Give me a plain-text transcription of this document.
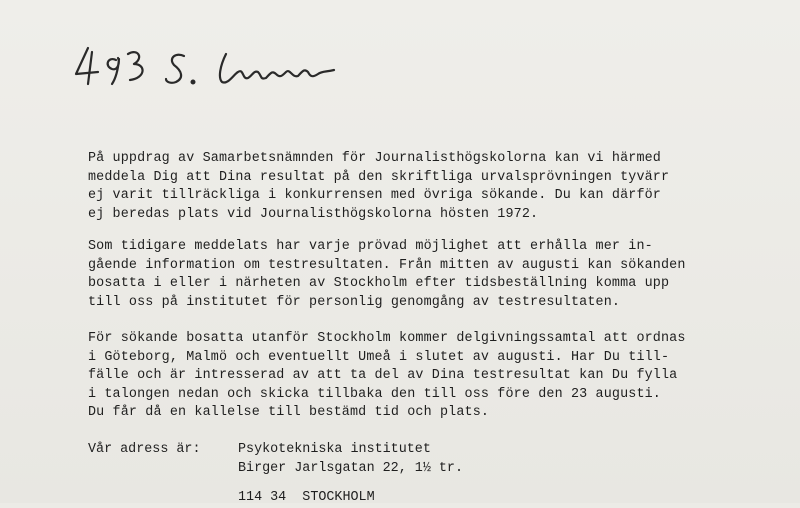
På uppdrag av Samarbetsnämnden för Journalisthögskolorna kan vi härmed
meddela Dig att Dina resultat på den skriftliga urvalsprövningen tyvärr
ej varit tillräckliga i konkurrensen med övriga sökande. Du kan därför
ej beredas plats vid Journalisthögskolorna hösten 1972.
Som tidigare meddelats har varje prövad möjlighet att erhålla mer in-
gående information om testresultaten. Från mitten av augusti kan sökanden
bosatta i eller i närheten av Stockholm efter tidsbeställning komma upp
till oss på institutet för personlig genomgång av testresultaten.
För sökande bosatta utanför Stockholm kommer delgivningssamtal att ordnas
i Göteborg, Malmö och eventuellt Umeå i slutet av augusti. Har Du till-
fälle och är intresserad av att ta del av Dina testresultat kan Du fylla
i talongen nedan och skicka tillbaka den till oss före den 23 augusti.
Du får då en kallelse till bestämd tid och plats.
Vår adress är:	Psykotekniska institutet
Birger Jarlsgatan 22, 1½ tr.
114 34  STOCKHOLM
